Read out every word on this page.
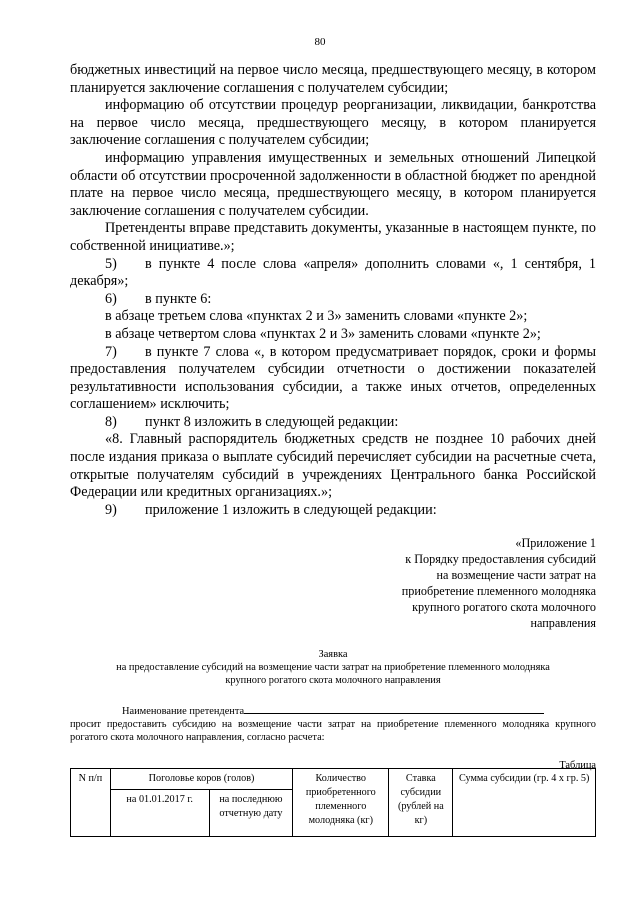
80

бюджетных инвестиций на первое число месяца, предшествующего месяцу, в котором планируется заключение соглашения с получателем субсидии;

информацию об отсутствии процедур реорганизации, ликвидации, банкротства на первое число месяца, предшествующего месяцу, в котором планируется заключение соглашения с получателем субсидии;

информацию управления имущественных и земельных отношений Липецкой области об отсутствии просроченной задолженности в областной бюджет по арендной плате на первое число месяца, предшествующего месяцу, в котором планируется заключение соглашения с получателем субсидии.

Претенденты вправе представить документы, указанные в настоящем пункте, по собственной инициативе.»;

5) в пункте 4 после слова «апреля» дополнить словами «, 1 сентября, 1 декабря»;

6) в пункте 6:

в абзаце третьем слова «пунктах 2 и 3» заменить словами «пункте 2»;

в абзаце четвертом слова «пунктах 2 и 3» заменить словами «пункте 2»;

7) в пункте 7 слова «, в котором предусматривает порядок, сроки и формы предоставления получателем субсидии отчетности о достижении показателей результативности использования субсидии, а также иных отчетов, определенных соглашением» исключить;

8) пункт 8 изложить в следующей редакции:

«8. Главный распорядитель бюджетных средств не позднее 10 рабочих дней после издания приказа о выплате субсидий перечисляет субсидии на расчетные счета, открытые получателям субсидий в учреждениях Центрального банка Российской Федерации или кредитных организациях.»;

9) приложение 1 изложить в следующей редакции:

«Приложение 1
к Порядку предоставления субсидий
на возмещение части затрат на
приобретение племенного молодняка
крупного рогатого скота молочного
направления
Заявка
на предоставление субсидий на возмещение части затрат на приобретение племенного молодняка
крупного рогатого скота молочного направления
Наименование претендента
просит предоставить субсидию на возмещение части затрат на приобретение племенного молодняка крупного рогатого скота молочного направления, согласно расчета:
Таблица
N п/п	Поголовье коров (голов)		Количество приобретенного племенного молодняка (кг)	Ставка субсидии (рублей на кг)	Сумма субсидии (гр. 4 x гр. 5)
	на 01.01.2017 г.	на последнюю отчетную дату			
